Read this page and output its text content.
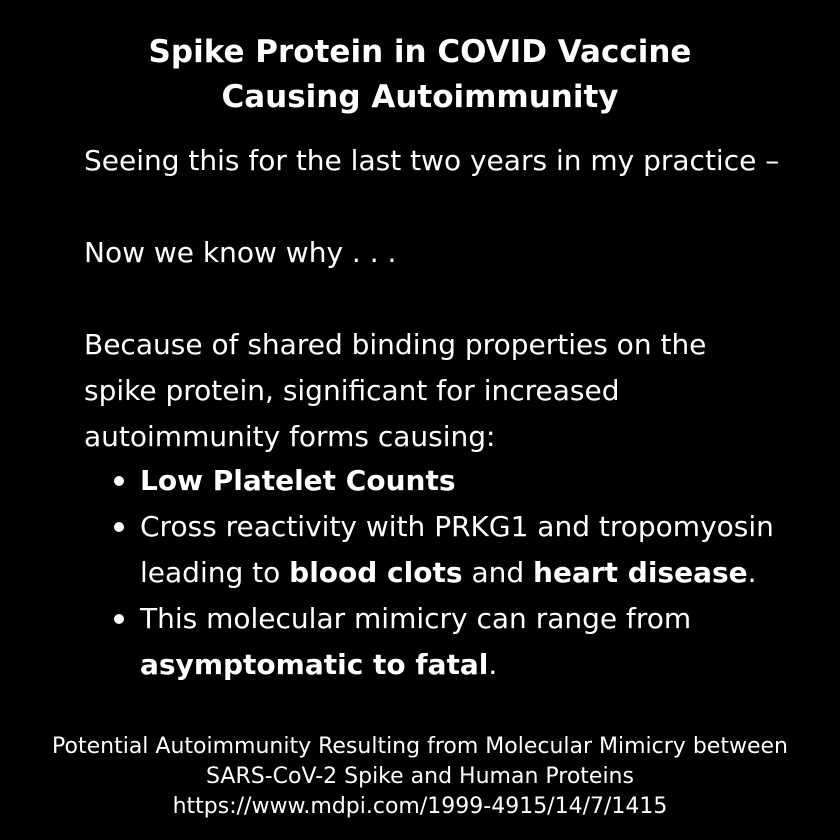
Spike Protein in COVID Vaccine
Causing Autoimmunity

Seeing this for the last two years in my practice –

Now we know why . . .

Because of shared binding properties on the
spike protein, significant for increased
autoimmunity forms causing:

Low Platelet Counts
Cross reactivity with PRKG1 and tropomyosin
leading to blood clots and heart disease.
This molecular mimicry can range from
asymptomatic to fatal.
Potential Autoimmunity Resulting from Molecular Mimicry between
SARS-CoV-2 Spike and Human Proteins
https://www.mdpi.com/1999-4915/14/7/1415
